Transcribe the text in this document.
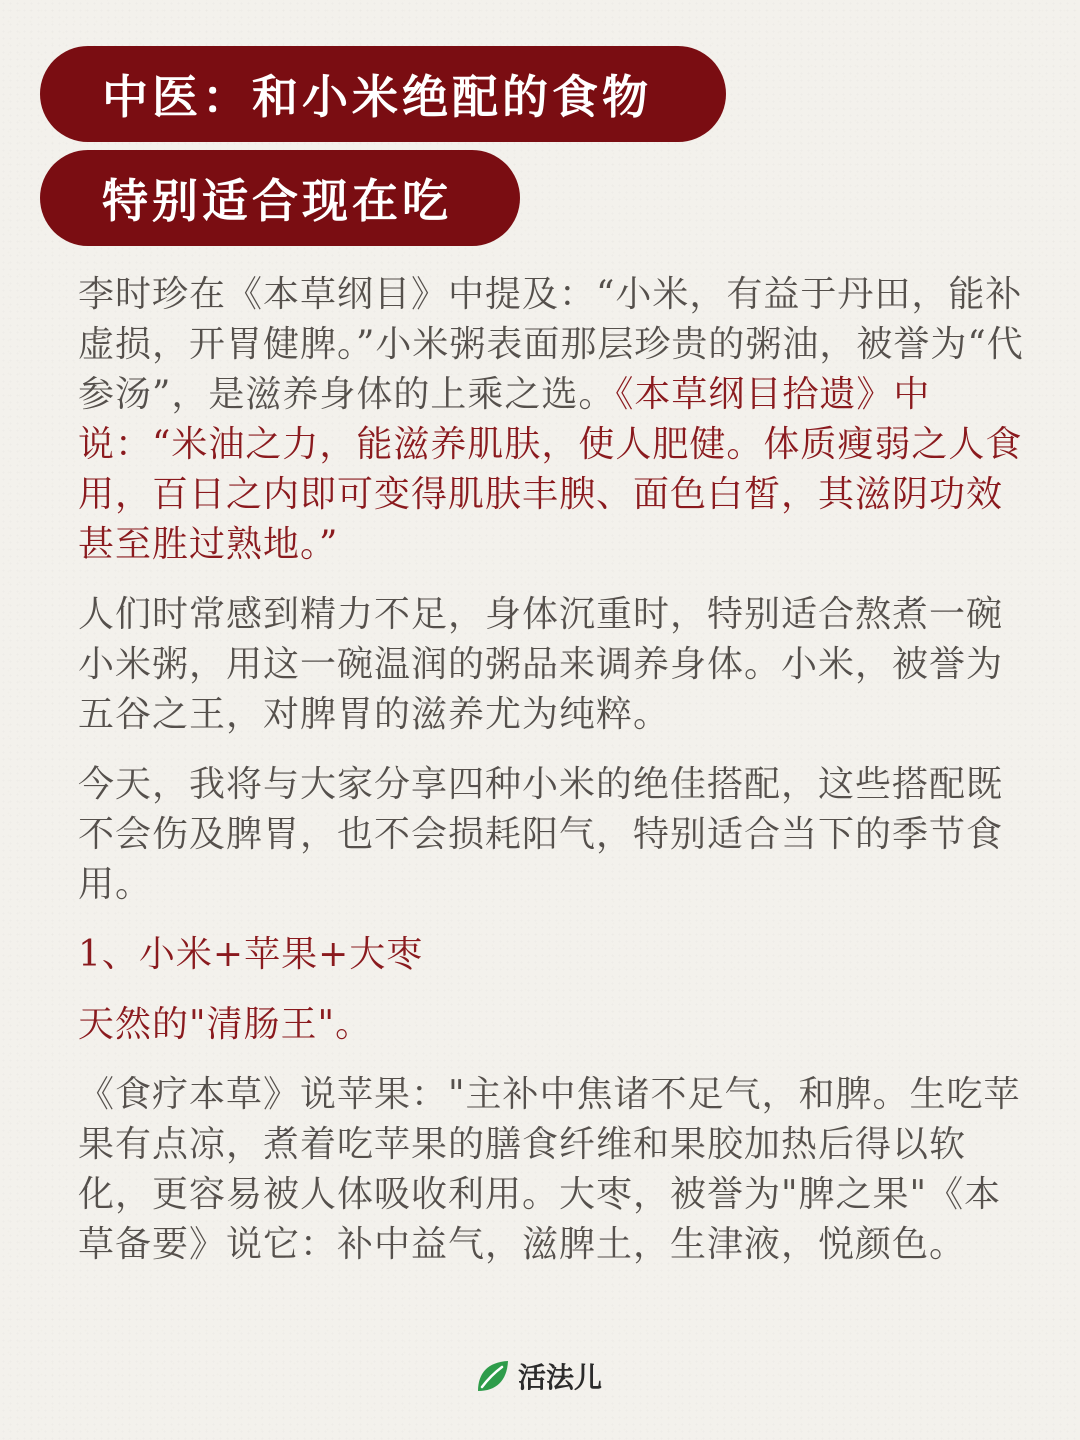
中医：和小米绝配的食物
特别适合现在吃

李时珍在《本草纲目》中提及：“小米，有益于丹田，能补虚损，开胃健脾。”小米粥表面那层珍贵的粥油，被誉为“代参汤”，是滋养身体的上乘之选。《本草纲目拾遗》中说：“米油之力，能滋养肌肤，使人肥健。体质瘦弱之人食用，百日之内即可变得肌肤丰腴、面色白皙，其滋阴功效甚至胜过熟地。”

人们时常感到精力不足，身体沉重时，特别适合熬煮一碗小米粥，用这一碗温润的粥品来调养身体。小米，被誉为五谷之王，对脾胃的滋养尤为纯粹。

今天，我将与大家分享四种小米的绝佳搭配，这些搭配既不会伤及脾胃，也不会损耗阳气，特别适合当下的季节食用。

1、小米+苹果+大枣

天然的"清肠王"。

《食疗本草》说苹果："主补中焦诸不足气，和脾。生吃苹果有点凉，煮着吃苹果的膳食纤维和果胶加热后得以软化，更容易被人体吸收利用。大枣，被誉为"脾之果"《本草备要》说它：补中益气，滋脾土，生津液，悦颜色。

活法儿
